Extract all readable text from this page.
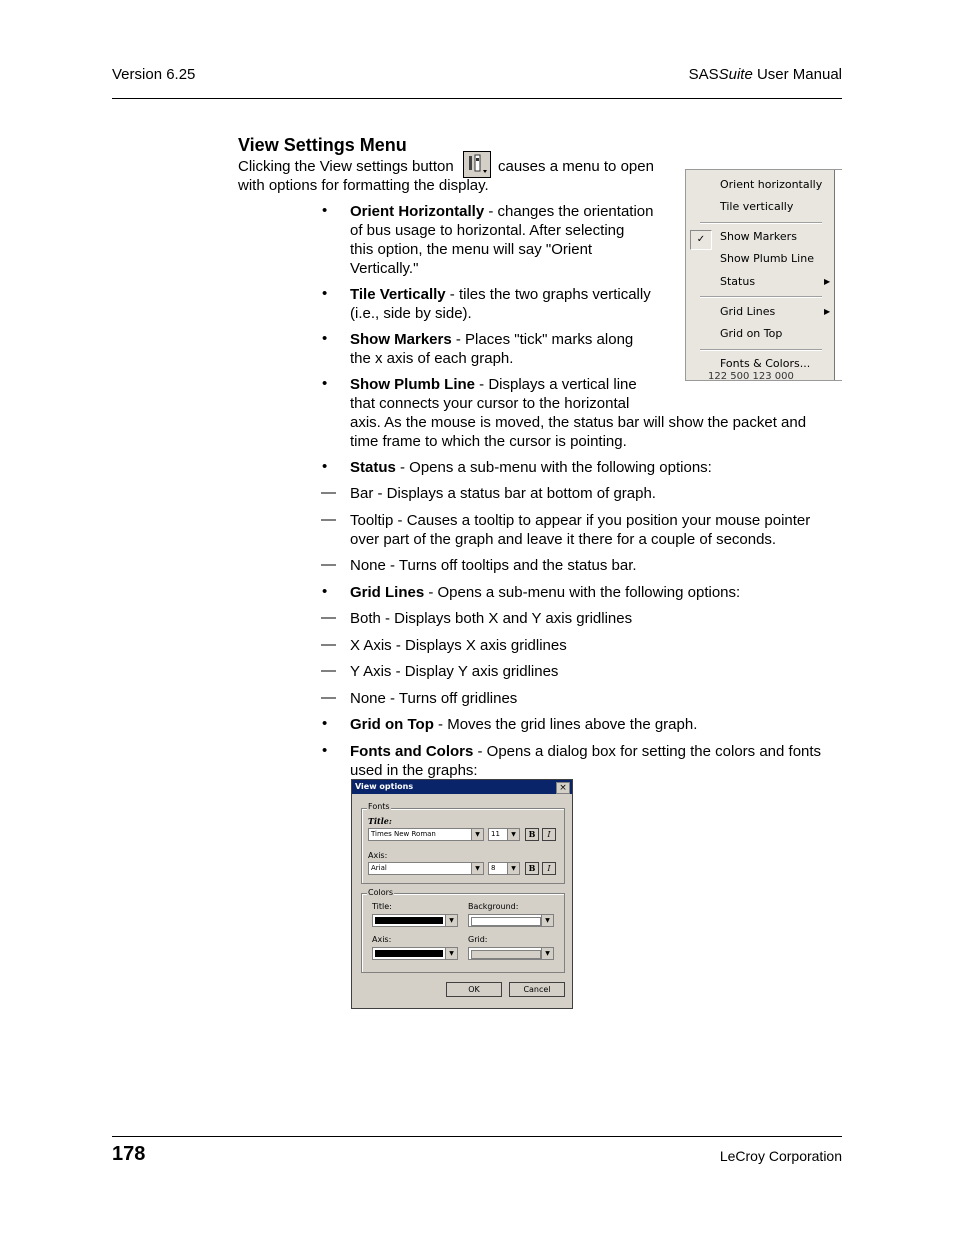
Version 6.25	SASSuite User Manual
View Settings Menu
Clicking the View settings button	causes a menu to open
with options for formatting the display.
• Orient Horizontally - changes the orientation
of bus usage to horizontal. After selecting
this option, the menu will say "Orient
Vertically."
• Tile Vertically - tiles the two graphs vertically
(i.e., side by side).
• Show Markers - Places "tick" marks along
the x axis of each graph.
• Show Plumb Line - Displays a vertical line
that connects your cursor to the horizontal
axis. As the mouse is moved, the status bar will show the packet and
time frame to which the cursor is pointing.
• Status - Opens a sub-menu with the following options:
— Bar - Displays a status bar at bottom of graph.
— Tooltip - Causes a tooltip to appear if you position your mouse pointer
over part of the graph and leave it there for a couple of seconds.
— None - Turns off tooltips and the status bar.
• Grid Lines - Opens a sub-menu with the following options:
— Both - Displays both X and Y axis gridlines
— X Axis - Displays X axis gridlines
— Y Axis - Display Y axis gridlines
— None - Turns off gridlines
• Grid on Top - Moves the grid lines above the graph.
• Fonts and Colors - Opens a dialog box for setting the colors and fonts
used in the graphs:
Orient horizontally
Tile vertically
✓	Show Markers
Show Plumb Line
Status	▶
Grid Lines	▶
Grid on Top
Fonts & Colors...
122 500 123 000
View options	×
Fonts
Title:
Times New Roman	▼	11	▼	B	I
Axis:
Arial	▼	8	▼	B	I
Colors
Title:	Background:
▼	▼
Axis:	Grid:
▼	▼
OK	Cancel
178	LeCroy Corporation
